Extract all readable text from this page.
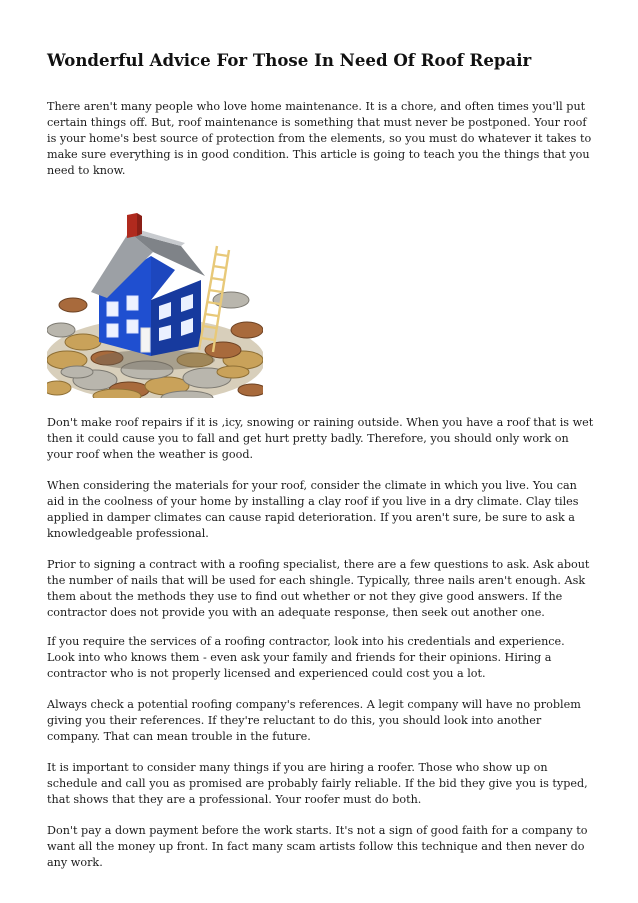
Wonderful Advice For Those In Need Of Roof Repair

There aren't many people who love home maintenance. It is a chore, and often times you'll put certain things off. But, roof maintenance is something that must never be postponed. Your roof is your home's best source of protection from the elements, so you must do whatever it takes to make sure everything is in good condition. This article is going to teach you the things that you need to know.

Don't make roof repairs if it is ,icy, snowing or raining outside. When you have a roof that is wet then it could cause you to fall and get hurt pretty badly. Therefore, you should only work on your roof when the weather is good.

When considering the materials for your roof, consider the climate in which you live. You can aid in the coolness of your home by installing a clay roof if you live in a dry climate. Clay tiles applied in damper climates can cause rapid deterioration. If you aren't sure, be sure to ask a knowledgeable professional.

Prior to signing a contract with a roofing specialist, there are a few questions to ask. Ask about the number of nails that will be used for each shingle. Typically, three nails aren't enough. Ask them about the methods they use to find out whether or not they give good answers. If the contractor does not provide you with an adequate response, then seek out another one.

If you require the services of a roofing contractor, look into his credentials and experience. Look into who knows them - even ask your family and friends for their opinions. Hiring a contractor who is not properly licensed and experienced could cost you a lot.

Always check a potential roofing company's references. A legit company will have no problem giving you their references. If they're reluctant to do this, you should look into another company. That can mean trouble in the future.

It is important to consider many things if you are hiring a roofer. Those who show up on schedule and call you as promised are probably fairly reliable. If the bid they give you is typed, that shows that they are a professional. Your roofer must do both.

Don't pay a down payment before the work starts. It's not a sign of good faith for a company to want all the money up front. In fact many scam artists follow this technique and then never do any work.
